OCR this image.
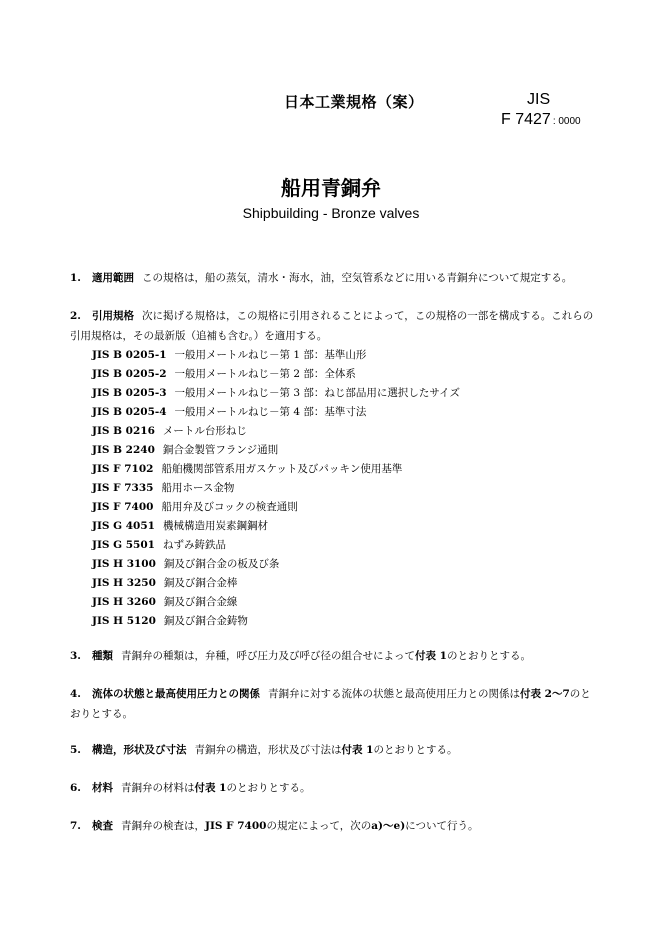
日本工業規格（案）	JIS
F 7427 : 0000
船用青銅弁
Shipbuilding - Bronze valves
1. 適用範囲 この規格は，船の蒸気，清水・海水，油，空気管系などに用いる青銅弁について規定する。
2. 引用規格 次に掲げる規格は，この規格に引用されることによって，この規格の一部を構成する。これらの引用規格は，その最新版（追補も含む。）を適用する。
JIS B 0205-1 一般用メートルねじ－第 1 部：基準山形
JIS B 0205-2 一般用メートルねじ－第 2 部：全体系
JIS B 0205-3 一般用メートルねじ－第 3 部：ねじ部品用に選択したサイズ
JIS B 0205-4 一般用メートルねじ－第 4 部：基準寸法
JIS B 0216 メートル台形ねじ
JIS B 2240 銅合金製管フランジ通則
JIS F 7102 船舶機関部管系用ガスケット及びパッキン使用基準
JIS F 7335 船用ホース金物
JIS F 7400 船用弁及びコックの検査通則
JIS G 4051 機械構造用炭素鋼鋼材
JIS G 5501 ねずみ鋳鉄品
JIS H 3100 銅及び銅合金の板及び条
JIS H 3250 銅及び銅合金棒
JIS H 3260 銅及び銅合金線
JIS H 5120 銅及び銅合金鋳物
3. 種類 青銅弁の種類は，弁種，呼び圧力及び呼び径の組合せによって付表 1のとおりとする。
4. 流体の状態と最高使用圧力との関係 青銅弁に対する流体の状態と最高使用圧力との関係は付表 2～7のとおりとする。
5. 構造，形状及び寸法 青銅弁の構造，形状及び寸法は付表 1のとおりとする。
6. 材料 青銅弁の材料は付表 1のとおりとする。
7. 検査 青銅弁の検査は，JIS F 7400の規定によって，次のa)～e)について行う。
